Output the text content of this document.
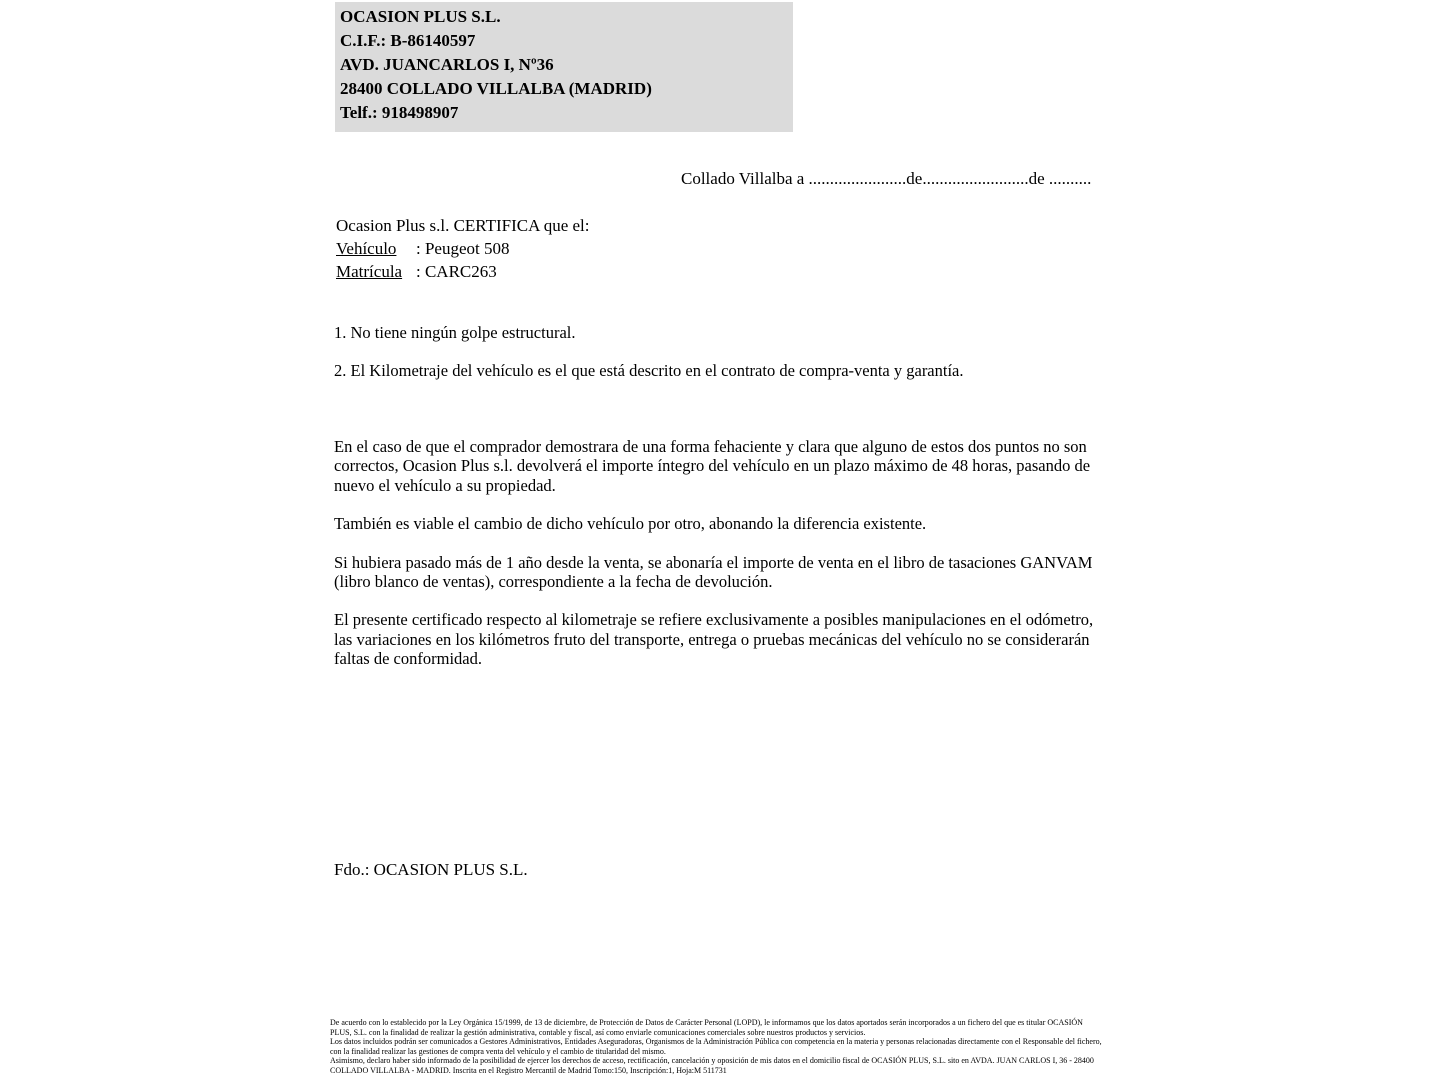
OCASION PLUS S.L.
C.I.F.: B-86140597
AVD. JUANCARLOS I, Nº36
28400 COLLADO VILLALBA (MADRID)
Telf.: 918498907
Collado Villalba a .......................de.........................de ..........
Ocasion Plus s.l. CERTIFICA que el:
Vehículo : Peugeot 508
Matrícula : CARC263
1. No tiene ningún golpe estructural.
2. El Kilometraje del vehículo es el que está descrito en el contrato de compra-venta y garantía.

En el caso de que el comprador demostrara de una forma fehaciente y clara que alguno de estos dos puntos no son correctos, Ocasion Plus s.l. devolverá el importe íntegro del vehículo en un plazo máximo de 48 horas, pasando de nuevo el vehículo a su propiedad.

También es viable el cambio de dicho vehículo por otro, abonando la diferencia existente.

Si hubiera pasado más de 1 año desde la venta, se abonaría el importe de venta en el libro de tasaciones GANVAM (libro blanco de ventas), correspondiente a la fecha de devolución.

El presente certificado respecto al kilometraje se refiere exclusivamente a posibles manipulaciones en el odómetro, las variaciones en los kilómetros fruto del transporte, entrega o pruebas mecánicas del vehículo no se considerarán faltas de conformidad.

Fdo.: OCASION PLUS S.L.

De acuerdo con lo establecido por la Ley Orgánica 15/1999, de 13 de diciembre, de Protección de Datos de Carácter Personal (LOPD), le informamos que los datos aportados serán incorporados a un fichero del que es titular OCASIÓN PLUS, S.L. con la finalidad de realizar la gestión administrativa, contable y fiscal, así como enviarle comunicaciones comerciales sobre nuestros productos y servicios.

Los datos incluidos podrán ser comunicados a Gestores Administrativos, Entidades Aseguradoras, Organismos de la Administración Pública con competencia en la materia y personas relacionadas directamente con el Responsable del fichero, con la finalidad realizar las gestiones de compra venta del vehículo y el cambio de titularidad del mismo.

Asimismo, declaro haber sido informado de la posibilidad de ejercer los derechos de acceso, rectificación, cancelación y oposición de mis datos en el domicilio fiscal de OCASIÓN PLUS, S.L. sito en AVDA. JUAN CARLOS I, 36 - 28400 COLLADO VILLALBA - MADRID. Inscrita en el Registro Mercantil de Madrid Tomo:150, Inscripción:1, Hoja:M 511731
